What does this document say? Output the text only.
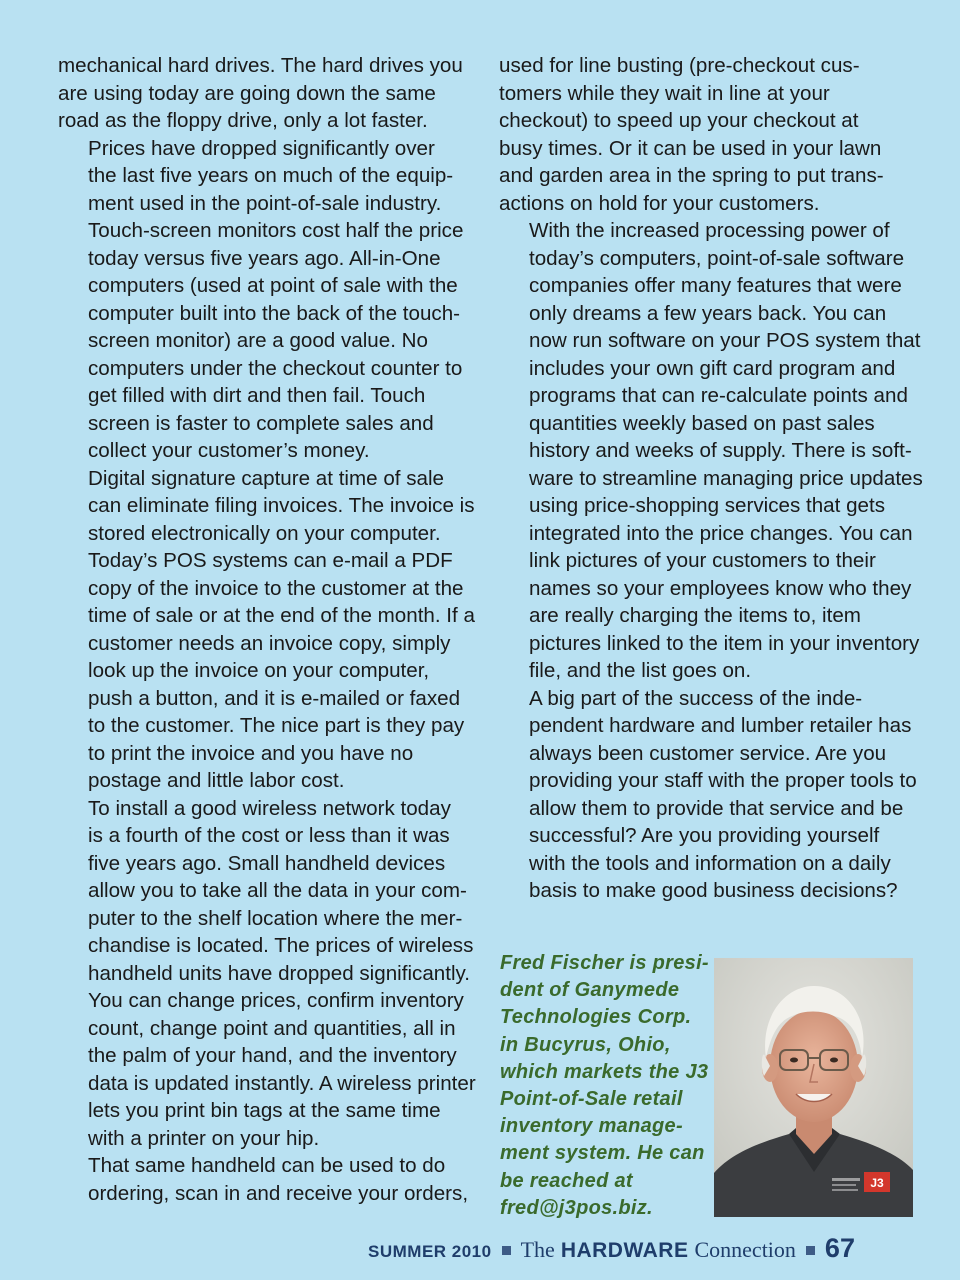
mechanical hard drives. The hard drives you
are using today are going down the same
road as the floppy drive, only a lot faster.

Prices have dropped significantly over
the last five years on much of the equip-
ment used in the point-of-sale industry.
Touch-screen monitors cost half the price
today versus five years ago. All-in-One
computers (used at point of sale with the
computer built into the back of the touch-
screen monitor) are a good value. No
computers under the checkout counter to
get filled with dirt and then fail. Touch
screen is faster to complete sales and
collect your customer’s money.

Digital signature capture at time of sale
can eliminate filing invoices. The invoice is
stored electronically on your computer.
Today’s POS systems can e-mail a PDF
copy of the invoice to the customer at the
time of sale or at the end of the month. If a
customer needs an invoice copy, simply
look up the invoice on your computer,
push a button, and it is e-mailed or faxed
to the customer. The nice part is they pay
to print the invoice and you have no
postage and little labor cost.

To install a good wireless network today
is a fourth of the cost or less than it was
five years ago. Small handheld devices
allow you to take all the data in your com-
puter to the shelf location where the mer-
chandise is located. The prices of wireless
handheld units have dropped significantly.
You can change prices, confirm inventory
count, change point and quantities, all in
the palm of your hand, and the inventory
data is updated instantly. A wireless printer
lets you print bin tags at the same time
with a printer on your hip.

That same handheld can be used to do
ordering, scan in and receive your orders,

used for line busting (pre-checkout cus-
tomers while they wait in line at your
checkout) to speed up your checkout at
busy times. Or it can be used in your lawn
and garden area in the spring to put trans-
actions on hold for your customers.

With the increased processing power of
today’s computers, point-of-sale software
companies offer many features that were
only dreams a few years back. You can
now run software on your POS system that
includes your own gift card program and
programs that can re-calculate points and
quantities weekly based on past sales
history and weeks of supply. There is soft-
ware to streamline managing price updates
using price-shopping services that gets
integrated into the price changes. You can
link pictures of your customers to their
names so your employees know who they
are really charging the items to, item
pictures linked to the item in your inventory
file, and the list goes on.

A big part of the success of the inde-
pendent hardware and lumber retailer has
always been customer service. Are you
providing your staff with the proper tools to
allow them to provide that service and be
successful? Are you providing yourself
with the tools and information on a daily
basis to make good business decisions?

Fred Fischer is presi-
dent of Ganymede
Technologies Corp.
in Bucyrus, Ohio,
which markets the J3
Point-of-Sale retail
inventory manage-
ment system. He can
be reached at
fred@j3pos.biz.
J3
SUMMER 2010 The HARDWARE Connection 67
